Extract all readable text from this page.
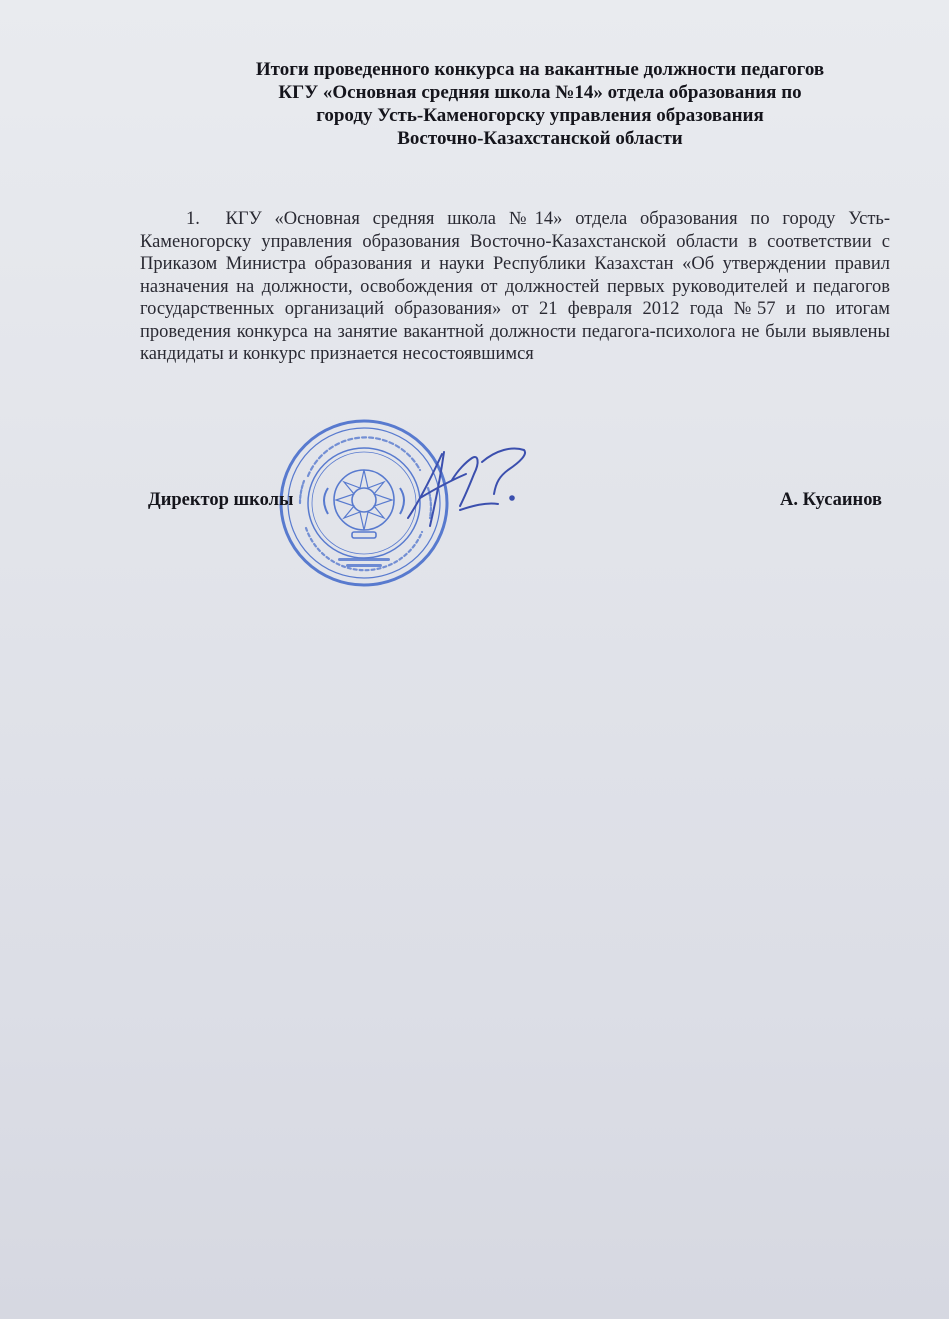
Итоги проведенного конкурса на вакантные должности педагогов
КГУ «Основная средняя школа №14» отдела образования по
городу Усть-Каменогорску управления образования
Восточно-Казахстанской области
1. КГУ «Основная средняя школа №14» отдела образования по городу Усть-Каменогорску управления образования Восточно-Казахстанской области в соответствии с Приказом Министра образования и науки Республики Казахстан «Об утверждении правил назначения на должности, освобождения от должностей первых руководителей и педагогов государственных организаций образования» от 21 февраля 2012 года №57 и по итогам проведения конкурса на занятие вакантной должности педагога-психолога не были выявлены кандидаты и конкурс признается несостоявшимся
Директор школы	А. Кусаинов
